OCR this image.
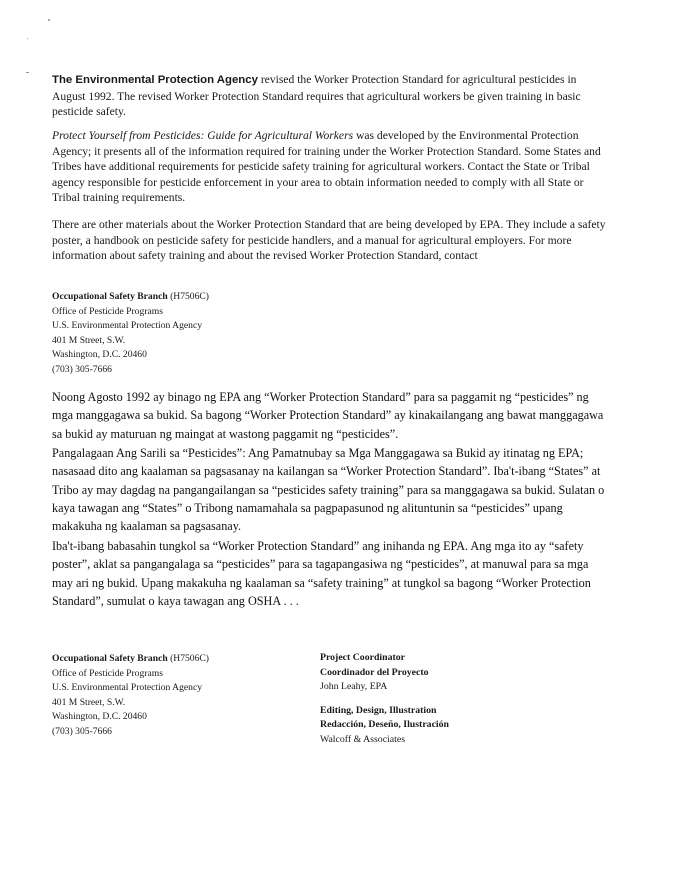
The Environmental Protection Agency revised the Worker Protection Standard for agricultural pesticides in August 1992. The revised Worker Protection Standard requires that agricultural workers be given training in basic pesticide safety.

Protect Yourself from Pesticides: Guide for Agricultural Workers was developed by the Environmental Protection Agency; it presents all of the information required for training under the Worker Protection Standard. Some States and Tribes have additional requirements for pesticide safety training for agricultural workers. Contact the State or Tribal agency responsible for pesticide enforcement in your area to obtain information needed to comply with all State or Tribal training requirements.

There are other materials about the Worker Protection Standard that are being developed by EPA. They include a safety poster, a handbook on pesticide safety for pesticide handlers, and a manual for agricultural employers. For more information about safety training and about the revised Worker Protection Standard, contact

Occupational Safety Branch (H7506C)
Office of Pesticide Programs
U.S. Environmental Protection Agency
401 M Street, S.W.
Washington, D.C. 20460
(703) 305-7666

Noong Agosto 1992 ay binago ng EPA ang “Worker Protection Standard” para sa paggamit ng “pesticides” ng mga manggagawa sa bukid. Sa bagong “Worker Protection Standard” ay kinakailangang ang bawat manggagawa sa bukid ay maturuan ng maingat at wastong paggamit ng “pesticides”.

Pangalagaan Ang Sarili sa “Pesticides”: Ang Pamatnubay sa Mga Manggagawa sa Bukid ay itinatag ng EPA; nasasaad dito ang kaalaman sa pagsasanay na kailangan sa “Worker Protection Standard”. Iba't-ibang “States” at Tribo ay may dagdag na pangangailangan sa “pesticides safety training” para sa manggagawa sa bukid. Sulatan o kaya tawagan ang “States” o Tribong namamahala sa pagpapasunod ng alituntunin sa “pesticides” upang makakuha ng kaalaman sa pagsasanay.

Iba't-ibang babasahin tungkol sa “Worker Protection Standard” ang inihanda ng EPA. Ang mga ito ay “safety poster”, aklat sa pangangalaga sa “pesticides” para sa tagapangasiwa ng “pesticides”, at manuwal para sa mga may ari ng bukid. Upang makakuha ng kaalaman sa “safety training” at tungkol sa bagong “Worker Protection Standard”, sumulat o kaya tawagan ang OSHA . . .

Occupational Safety Branch (H7506C)
Office of Pesticide Programs
U.S. Environmental Protection Agency
401 M Street, S.W.
Washington, D.C. 20460
(703) 305-7666
Project Coordinator
Coordinador del Proyecto
John Leahy, EPA
Editing, Design, Illustration
Redacción, Deseño, Ilustración
Walcoff & Associates
